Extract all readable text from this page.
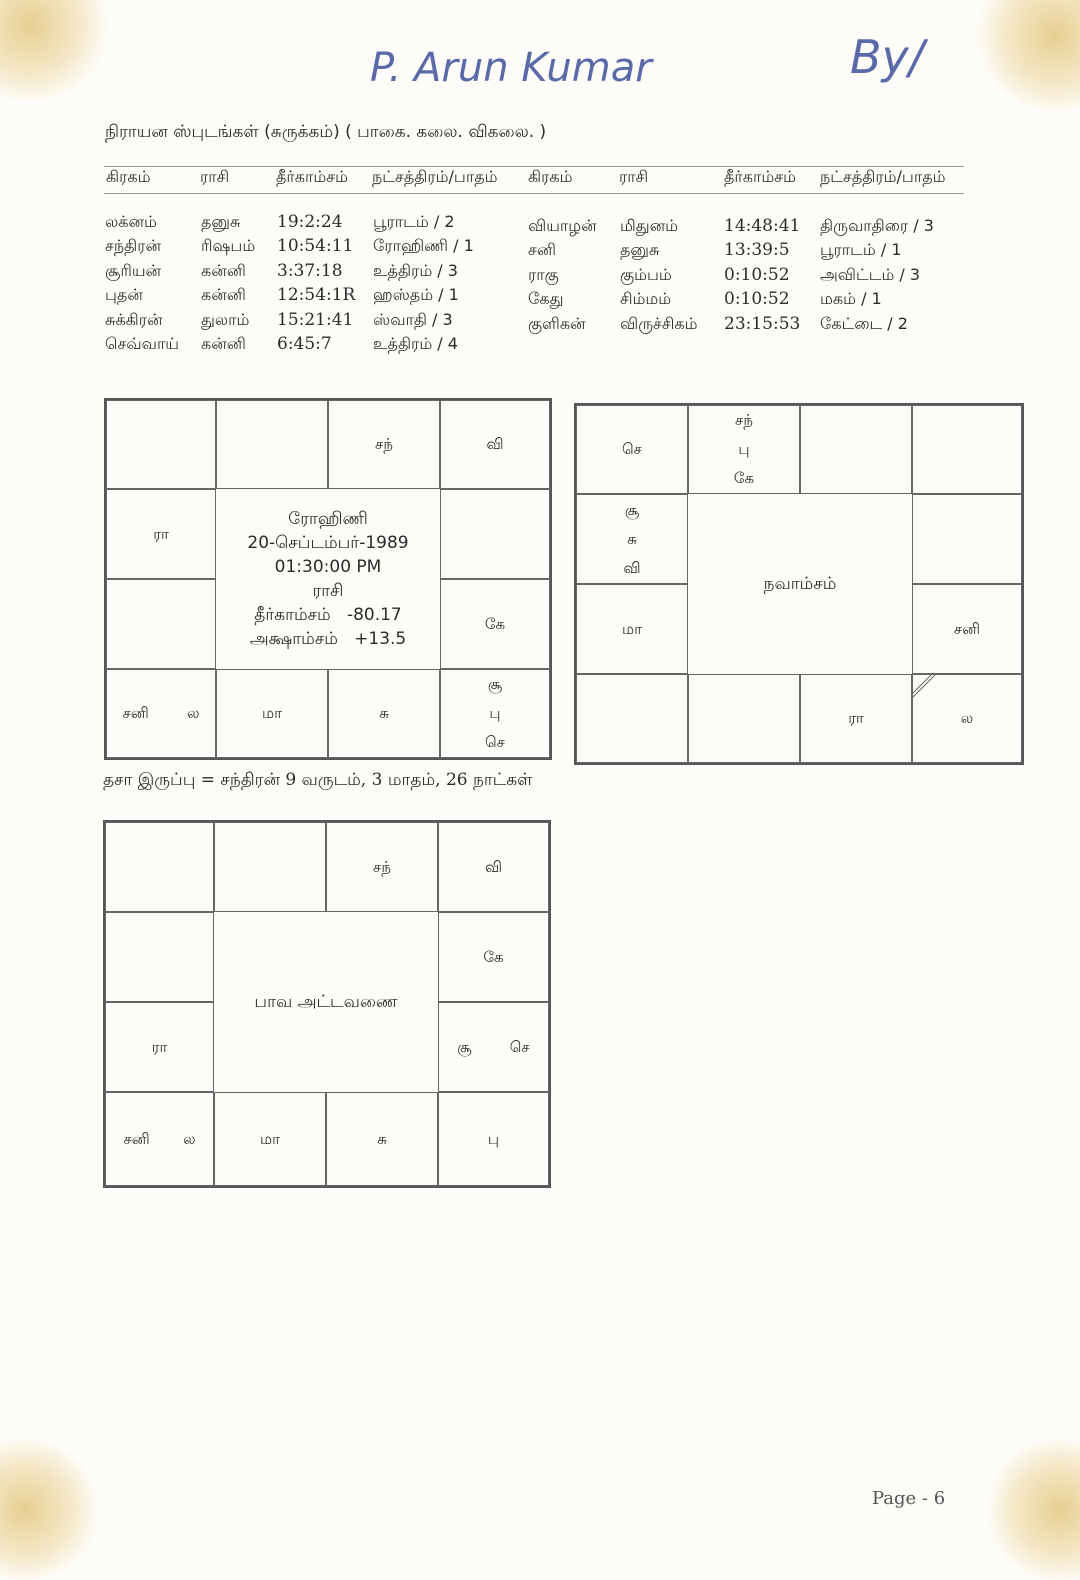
P. Arun Kumar	By/
நிராயன ஸ்புடங்கள் (சுருக்கம்) ( பாகை. கலை. விகலை. )
கிரகம்	ராசி	தீர்காம்சம் நட்சத்திரம்/பாதம் கிரகம்	ராசி	தீர்காம்சம் நட்சத்திரம்/பாதம்
லக்னம்	தனுசு 19:2:24 பூராடம் / 2
சந்திரன் ரிஷபம் 10:54:11 ரோஹிணி / 1
சூரியன் கன்னி 3:37:18 உத்திரம் / 3
புதன்	கன்னி 12:54:1R ஹஸ்தம் / 1
சுக்கிரன் துலாம் 15:21:41 ஸ்வாதி / 3
செவ்வாய் கன்னி 6:45:7	உத்திரம் / 4
வியாழன் மிதுனம்	14:48:41 திருவாதிரை / 3
சனி	தனுசு	13:39:5 பூராடம் / 1
ராகு	கும்பம்	0:10:52 அவிட்டம் / 3
கேது	சிம்மம்	0:10:52 மகம் / 1
குளிகன் விருச்சிகம் 23:15:53 கேட்டை / 2
சந்	வி
ரா
கே
சனி        ல	மா	சு
சூ
பு
செ
ரோஹிணி
20-செப்டம்பர்-1989
01:30:00 PM
ராசி
தீர்காம்சம்   -80.17
அக்ஷாம்சம்   +13.5
செ
சந்
பு
கே
சூ
சு
வி
மா	சனி
ரா	ல
நவாம்சம்
தசா இருப்பு = சந்திரன் 9 வருடம், 3 மாதம், 26 நாட்கள்
சந்	வி
கே
ரா	சூ        செ
சனி       ல	மா	சு	பு
பாவ அட்டவணை
Page - 6
